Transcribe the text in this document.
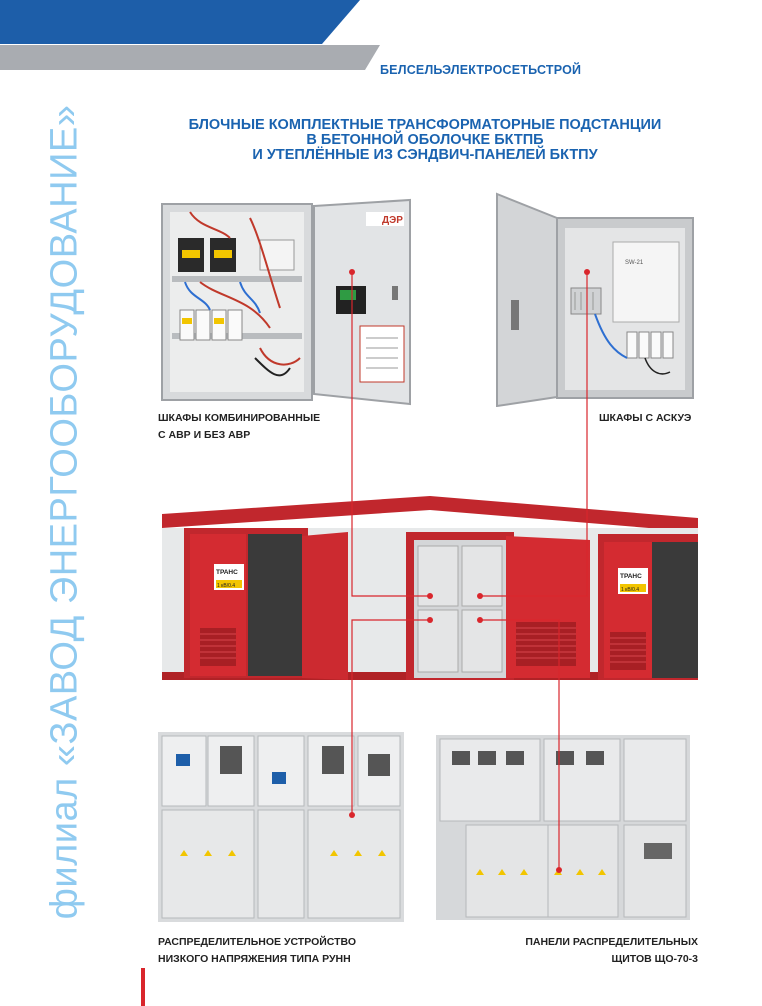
БЕЛСЕЛЬЭЛЕКТРОСЕТЬСТРОЙ
филиал «ЗАВОД ЭНЕРГООБОРУДОВАНИЕ»	БЛОЧНЫЕ КОМПЛЕКТНЫЕ ТРАНСФОРМАТОРНЫЕ ПОДСТАНЦИИ
В БЕТОННОЙ ОБОЛОЧКЕ БКТПБ
И УТЕПЛЁННЫЕ ИЗ СЭНДВИЧ-ПАНЕЛЕЙ БКТПУ
ДЭР
SW-21
ТРАНС
1 кВ/0.4
ТРАНС
1 кВ/0.4
ШКАФЫ КОМБИНИРОВАННЫЕ
С АВР И БЕЗ АВР
ШКАФЫ С АСКУЭ
РАСПРЕДЕЛИТЕЛЬНОЕ УСТРОЙСТВО
НИЗКОГО НАПРЯЖЕНИЯ ТИПА РУНН
ПАНЕЛИ РАСПРЕДЕЛИТЕЛЬНЫХ
ЩИТОВ ЩО-70-3
